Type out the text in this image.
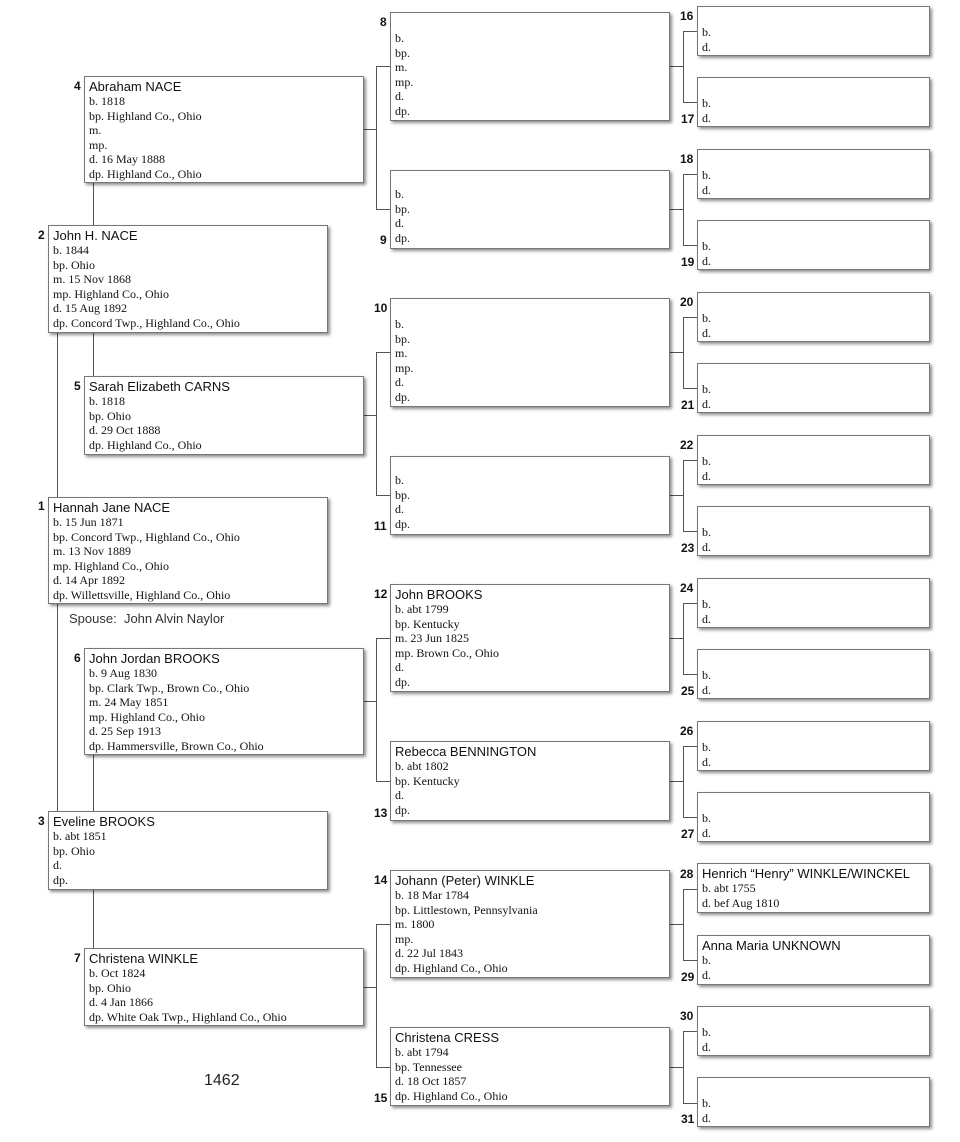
1 Hannah Jane NACE
b. 15 Jun 1871
bp. Concord Twp., Highland Co., Ohio
m. 13 Nov 1889
mp. Highland Co., Ohio
d. 14 Apr 1892
dp. Willettsville, Highland Co., Ohio
Spouse: John Alvin Naylor
2 John H. NACE
b. 1844
bp. Ohio
m. 15 Nov 1868
mp. Highland Co., Ohio
d. 15 Aug 1892
dp. Concord Twp., Highland Co., Ohio
3 Eveline BROOKS
b. abt 1851
bp. Ohio
d.
dp.
4 Abraham NACE
b. 1818
bp. Highland Co., Ohio
m.
mp.
d. 16 May 1888
dp. Highland Co., Ohio
5 Sarah Elizabeth CARNS
b. 1818
bp. Ohio
d. 29 Oct 1888
dp. Highland Co., Ohio
6 John Jordan BROOKS
b. 9 Aug 1830
bp. Clark Twp., Brown Co., Ohio
m. 24 May 1851
mp. Highland Co., Ohio
d. 25 Sep 1913
dp. Hammersville, Brown Co., Ohio
7 Christena WINKLE
b. Oct 1824
bp. Ohio
d. 4 Jan 1866
dp. White Oak Twp., Highland Co., Ohio
8
b.
bp.
m.
mp.
d.
dp.
9
b.
bp.
d.
dp.
10
b.
bp.
m.
mp.
d.
dp.
11
b.
bp.
d.
dp.
12 John BROOKS
b. abt 1799
bp. Kentucky
m. 23 Jun 1825
mp. Brown Co., Ohio
d.
dp.
13
Rebecca BENNINGTON
b. abt 1802
bp. Kentucky
d.
dp.
14 Johann (Peter) WINKLE
b. 18 Mar 1784
bp. Littlestown, Pennsylvania
m. 1800
mp.
d. 22 Jul 1843
dp. Highland Co., Ohio
15
Christena CRESS
b. abt 1794
bp. Tennessee
d. 18 Oct 1857
dp. Highland Co., Ohio
16
b.
d.
17
b.
d.
18
b.
d.
19
b.
d.
20
b.
d.
21
b.
d.
22
b.
d.
23
b.
d.
24
b.
d.
25
b.
d.
26
b.
d.
27
b.
d.
28 Henrich “Henry” WINKLE/WINCKEL
b. abt 1755
d. bef Aug 1810
29
Anna Maria UNKNOWN
b.
d.
30
b.
d.
31
b.
d.
1462
